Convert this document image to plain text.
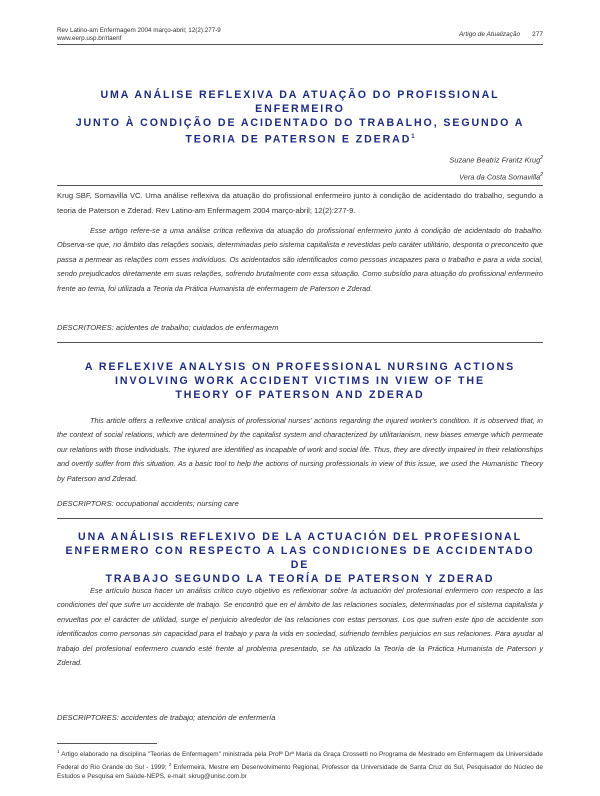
Rev Latino-am Enfermagem 2004 março-abril; 12(2):277-9
www.eerp.usp.br/rlaenf
Artigo de Atualização 277
UMA ANÁLISE REFLEXIVA DA ATUAÇÃO DO PROFISSIONAL ENFERMEIRO
JUNTO À CONDIÇÃO DE ACIDENTADO DO TRABALHO, SEGUNDO A
TEORIA DE PATERSON E ZDERAD$^1$
Suzane Beatriz Frantz Krug$^2$
Vera da Costa Somavilla$^2$

Krug SBF, Somavilla VC. Uma análise reflexiva da atuação do profissional enfermeiro junto à condição de acidentado do trabalho, segundo a teoria de Paterson e Zderad. Rev Latino-am Enfermagem 2004 março-abril; 12(2):277-9.

Esse artigo refere-se a uma análise crítica reflexiva da atuação do profissional enfermeiro junto à condição de acidentado do trabalho. Observa-se que, no âmbito das relações sociais, determinadas pelo sistema capitalista e revestidas pelo caráter utilitário, desponta o preconceito que passa a permear as relações com esses indivíduos. Os acidentados são identificados como pessoas incapazes para o trabalho e para a vida social, sendo prejudicados diretamente em suas relações, sofrendo brutalmente com essa situação. Como subsídio para atuação do profissional enfermeiro frente ao tema, foi utilizada a Teoria da Prática Humanista de enfermagem de Paterson e Zderad.

DESCRITORES: acidentes de trabalho; cuidados de enfermagem

A REFLEXIVE ANALYSIS ON PROFESSIONAL NURSING ACTIONS
INVOLVING WORK ACCIDENT VICTIMS IN VIEW OF THE
THEORY OF PATERSON AND ZDERAD

This article offers a reflexive critical analysis of professional nurses' actions regarding the injured worker's condition. It is observed that, in the context of social relations, which are determined by the capitalist system and characterized by utilitarianism, new biases emerge which permeate our relations with those individuals. The injured are identified as incapable of work and social life. Thus, they are directly impaired in their relationships and overtly suffer from this situation. As a basic tool to help the actions of nursing professionals in view of this issue, we used the Humanistic Theory by Paterson and Zderad.

DESCRIPTORS: occupational accidents; nursing care

UNA ANÁLISIS REFLEXIVO DE LA ACTUACIÓN DEL PROFESIONAL
ENFERMERO CON RESPECTO A LAS CONDICIONES DE ACCIDENTADO DE
TRABAJO SEGUNDO LA TEORÍA DE PATERSON Y ZDERAD

Ese artículo busca hacer un análisis crítico cuyo objetivo es reflexionar sobre la actuación del profesional enfermero con respecto a las condiciones del que sufre un accidente de trabajo. Se encontró que en el ámbito de las relaciones sociales, determinadas por el sistema capitalista y envueltas por el carácter de utilidad, surge el perjuicio alrededor de las relaciones con estas personas. Los que sufren este tipo de accidente son identificados como personas sin capacidad para el trabajo y para la vida en sociedad, sufriendo terribles perjuicios en sus relaciones. Para ayudar al trabajo del profesional enfermero cuando esté frente al problema presentado, se ha utilizado la Teoría de la Práctica Humanista de Paterson y Zderad.

DESCRIPTORES: accidentes de trabajo; atención de enfermería

$^1$ Artigo elaborado na disciplina "Teorias de Enfermagem" ministrada pela Profª Drª Maria da Graça Crossetti no Programa de Mestrado em Enfermagem da Universidade Federal do Rio Grande do Sul - 1999; $^2$ Enfermeira, Mestre em Desenvolvimento Regional, Professor da Universidade de Santa Cruz do Sul, Pesquisador do Núcleo de Estudos e Pesquisa em Saúde-NEPS, e-mail: skrug@unisc.com.br
